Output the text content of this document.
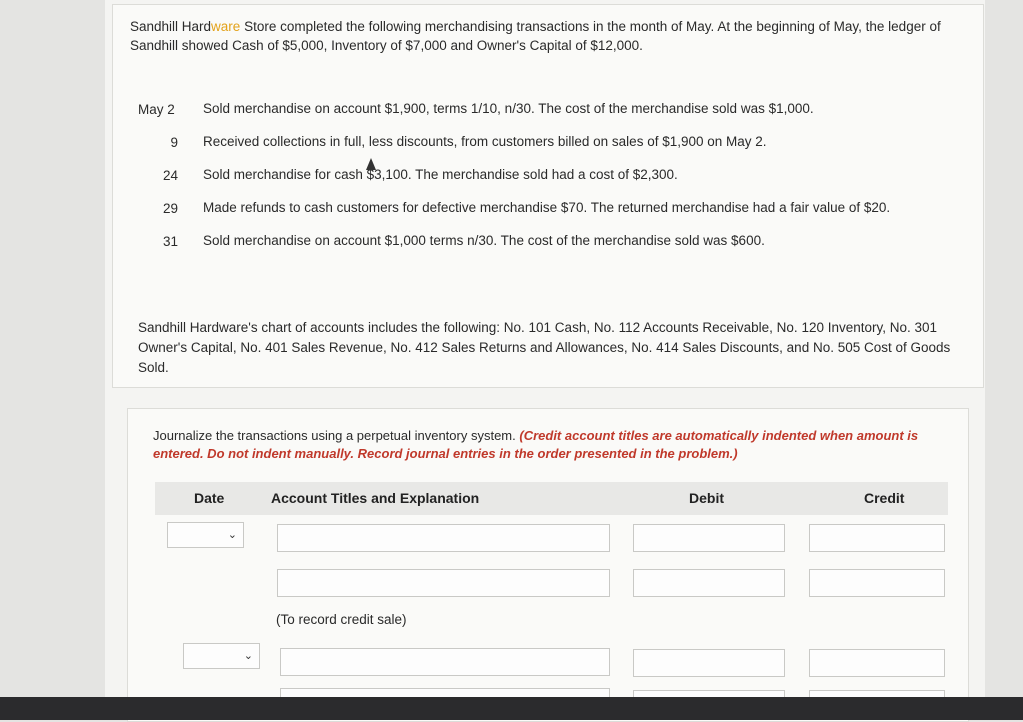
Sandhill Hardware Store completed the following merchandising transactions in the month of May. At the beginning of May, the ledger of Sandhill showed Cash of $5,000, Inventory of $7,000 and Owner's Capital of $12,000.
May 2	Sold merchandise on account $1,900, terms 1/10, n/30. The cost of the merchandise sold was $1,000.
9 Received collections in full, less discounts, from customers billed on sales of $1,900 on May 2.
24 Sold merchandise for cash $3,100. The merchandise sold had a cost of $2,300.
29 Made refunds to cash customers for defective merchandise $70. The returned merchandise had a fair value of $20.
31 Sold merchandise on account $1,000 terms n/30. The cost of the merchandise sold was $600.
Sandhill Hardware's chart of accounts includes the following: No. 101 Cash, No. 112 Accounts Receivable, No. 120 Inventory, No. 301 Owner's Capital, No. 401 Sales Revenue, No. 412 Sales Returns and Allowances, No. 414 Sales Discounts, and No. 505 Cost of Goods Sold.
Journalize the transactions using a perpetual inventory system. (Credit account titles are automatically indented when amount is entered. Do not indent manually. Record journal entries in the order presented in the problem.)
Date	Account Titles and Explanation	Debit	Credit
⌄
(To record credit sale)
⌄
